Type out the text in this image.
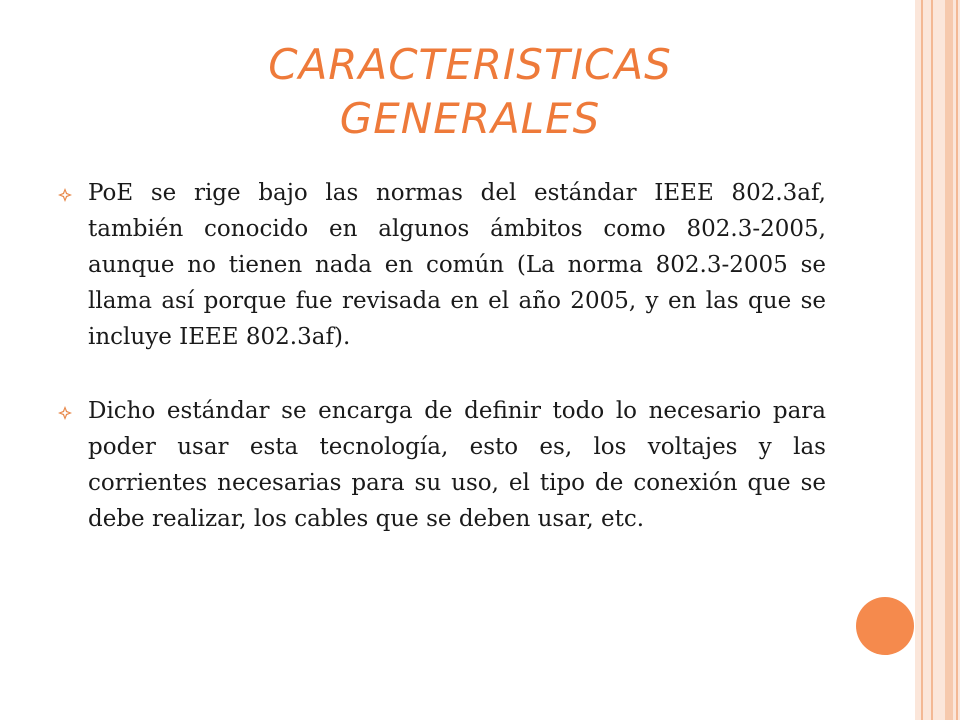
CARACTERISTICAS
GENERALES
PoE se rige bajo las normas del estándar IEEE 802.3af, también conocido en algunos ámbitos como 802.3-2005, aunque no tienen nada en común (La norma 802.3-2005 se llama así porque fue revisada en el año 2005, y en las que se incluye IEEE 802.3af).
Dicho estándar se encarga de definir todo lo necesario para poder usar esta tecnología, esto es, los voltajes y las corrientes necesarias para su uso, el tipo de conexión que se debe realizar, los cables que se deben usar, etc.
